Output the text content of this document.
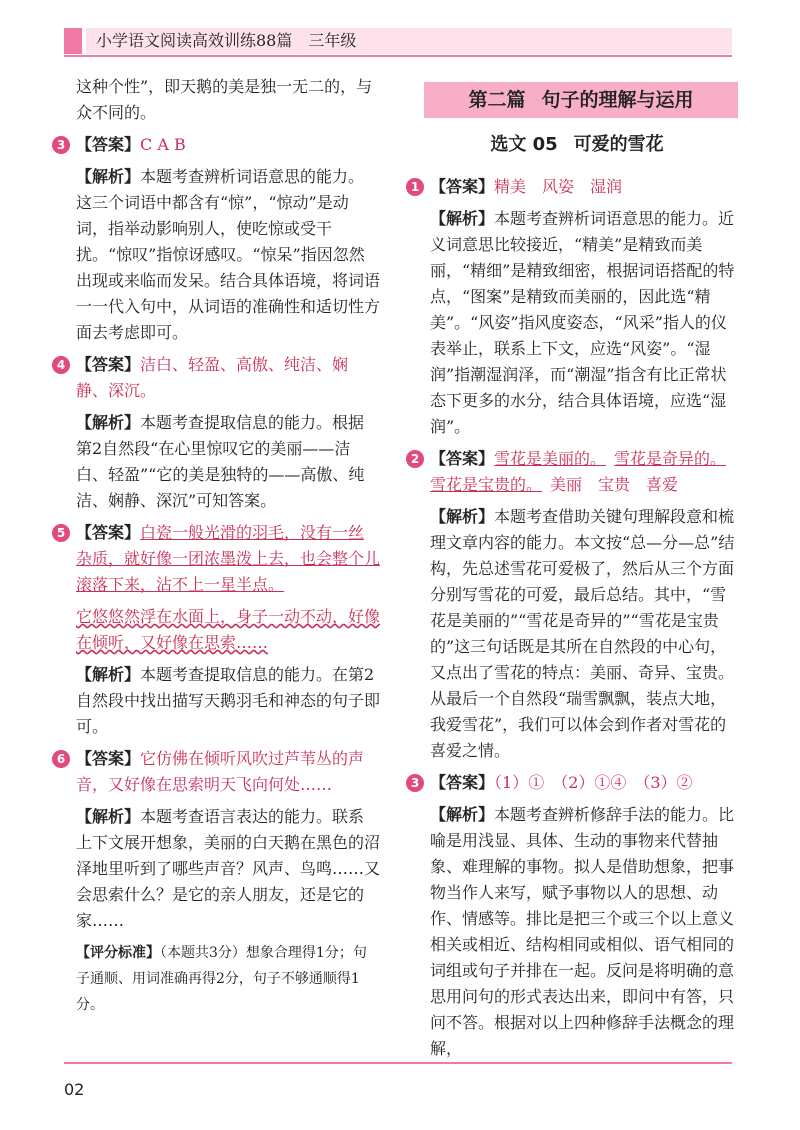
小学语文阅读高效训练88篇 三年级

这种个性”，即天鹅的美是独一无二的，与众不同的。

3 【答案】C A B

【解析】本题考查辨析词语意思的能力。这三个词语中都含有“惊”，“惊动”是动词，指举动影响别人，使吃惊或受干扰。“惊叹”指惊讶感叹。“惊呆”指因忽然出现或来临而发呆。结合具体语境，将词语一一代入句中，从词语的准确性和适切性方面去考虑即可。

4 【答案】洁白、轻盈、高傲、纯洁、娴静、深沉。

【解析】本题考查提取信息的能力。根据第2自然段“在心里惊叹它的美丽——洁白、轻盈”“它的美是独特的——高傲、纯洁、娴静、深沉”可知答案。

5 【答案】白瓷一般光滑的羽毛，没有一丝杂质，就好像一团浓墨泼上去，也会整个儿滚落下来，沾不上一星半点。

它悠悠然浮在水面上，身子一动不动，好像在倾听，又好像在思索……

【解析】本题考查提取信息的能力。在第2自然段中找出描写天鹅羽毛和神态的句子即可。

6 【答案】它仿佛在倾听风吹过芦苇丛的声音，又好像在思索明天飞向何处……

【解析】本题考查语言表达的能力。联系上下文展开想象，美丽的白天鹅在黑色的沼泽地里听到了哪些声音？风声、鸟鸣……又会思索什么？是它的亲人朋友，还是它的家……

【评分标准】（本题共3分）想象合理得1分；句子通顺、用词准确再得2分，句子不够通顺得1分。

第二篇 句子的理解与运用
选文 05 可爱的雪花
1 【答案】精美　风姿　湿润

【解析】本题考查辨析词语意思的能力。近义词意思比较接近，“精美”是精致而美丽，“精细”是精致细密，根据词语搭配的特点，“图案”是精致而美丽的，因此选“精美”。“风姿”指风度姿态，“风采”指人的仪表举止，联系上下文，应选“风姿”。“湿润”指潮湿润泽，而“潮湿”指含有比正常状态下更多的水分，结合具体语境，应选“湿润”。

2 【答案】雪花是美丽的。  雪花是奇异的。 雪花是宝贵的。  美丽　宝贵　喜爱

【解析】本题考查借助关键句理解段意和梳理文章内容的能力。本文按“总—分—总”结构，先总述雪花可爱极了，然后从三个方面分别写雪花的可爱，最后总结。其中，“雪花是美丽的”“雪花是奇异的”“雪花是宝贵的”这三句话既是其所在自然段的中心句，又点出了雪花的特点：美丽、奇异、宝贵。从最后一个自然段“瑞雪飘飘，装点大地，我爱雪花”，我们可以体会到作者对雪花的喜爱之情。

3 【答案】（1）①　（2）①④　（3）②

【解析】本题考查辨析修辞手法的能力。比喻是用浅显、具体、生动的事物来代替抽象、难理解的事物。拟人是借助想象，把事物当作人来写，赋予事物以人的思想、动作、情感等。排比是把三个或三个以上意义相关或相近、结构相同或相似、语气相同的词组或句子并排在一起。反问是将明确的意思用问句的形式表达出来，即问中有答，只问不答。根据对以上四种修辞手法概念的理解，

02
